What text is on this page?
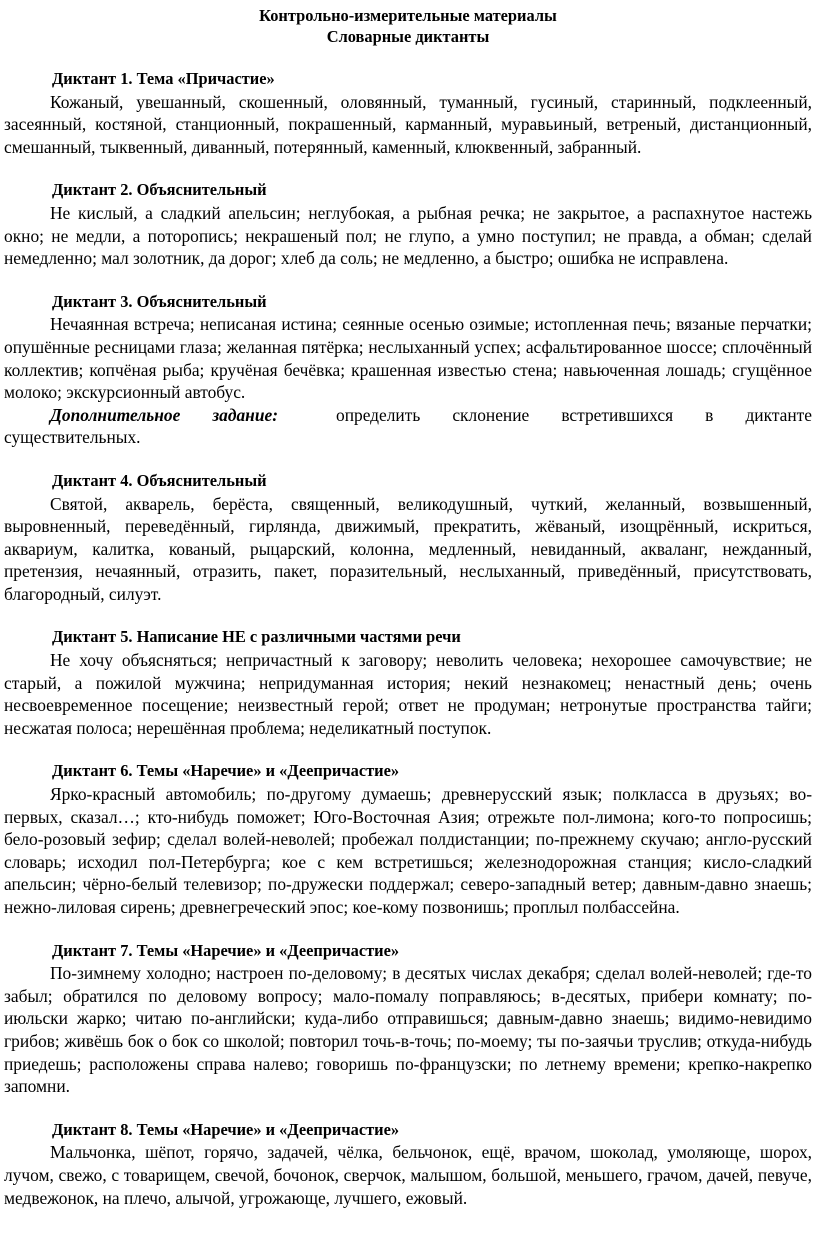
Контрольно-измерительные материалы
Словарные диктанты
Диктант 1. Тема «Причастие»

Кожаный, увешанный, скошенный, оловянный, туманный, гусиный, старинный, подклеенный, засеянный, костяной, станционный, покрашенный, карманный, муравьиный, ветреный, дистанционный, смешанный, тыквенный, диванный, потерянный, каменный, клюквенный, забранный.

Диктант 2. Объяснительный

Не кислый, а сладкий апельсин; неглубокая, а рыбная речка; не закрытое, а распахнутое настежь окно; не медли, а поторопись; некрашеный пол; не глупо, а умно поступил; не правда, а обман; сделай немедленно; мал золотник, да дорог; хлеб да соль; не медленно, а быстро; ошибка не исправлена.

Диктант 3. Объяснительный

Нечаянная встреча; неписаная истина; сеянные осенью озимые; истопленная печь; вязаные перчатки; опушённые ресницами глаза; желанная пятёрка; неслыханный успех; асфальтированное шоссе; сплочённый коллектив; копчёная рыба; кручёная бечёвка; крашенная известью стена; навьюченная лошадь; сгущённое молоко; экскурсионный автобус.

Дополнительное задание:	определить склонение встретившихся в диктанте существительных.

Диктант 4. Объяснительный

Святой, акварель, берёста, священный, великодушный, чуткий, желанный, возвышенный, выровненный, переведённый, гирлянда, движимый, прекратить, жёваный, изощрённый, искриться, аквариум, калитка, кованый, рыцарский, колонна, медленный, невиданный, акваланг, нежданный, претензия, нечаянный, отразить, пакет, поразительный, неслыханный, приведённый, присутствовать, благородный, силуэт.

Диктант 5. Написание НЕ с различными частями речи

Не хочу объясняться; непричастный к заговору; неволить человека; нехорошее самочувствие; не старый, а пожилой мужчина; непридуманная история; некий незнакомец; ненастный день; очень несвоевременное посещение; неизвестный герой; ответ не продуман; нетронутые пространства тайги; несжатая полоса; нерешённая проблема; неделикатный поступок.

Диктант 6. Темы «Наречие» и «Деепричастие»

Ярко-красный автомобиль; по-другому думаешь; древнерусский язык; полкласса в друзьях; во-первых, сказал…; кто-нибудь поможет; Юго-Восточная Азия; отрежьте пол-лимона; кого-то попросишь; бело-розовый зефир; сделал волей-неволей; пробежал полдистанции; по-прежнему скучаю; англо-русский словарь; исходил пол-Петербурга; кое с кем встретишься; железнодорожная станция; кисло-сладкий апельсин; чёрно-белый телевизор; по-дружески поддержал; северо-западный ветер; давным-давно знаешь; нежно-лиловая сирень; древнегреческий эпос; кое-кому позвонишь; проплыл полбассейна.

Диктант 7. Темы «Наречие» и «Деепричастие»

По-зимнему холодно; настроен по-деловому; в десятых числах декабря; сделал волей-неволей; где-то забыл; обратился по деловому вопросу; мало-помалу поправляюсь; в-десятых, прибери комнату; по-июльски жарко; читаю по-английски; куда-либо отправишься; давным-давно знаешь; видимо-невидимо грибов; живёшь бок о бок со школой; повторил точь-в-точь; по-моему; ты по-заячьи труслив; откуда-нибудь приедешь; расположены справа налево; говоришь по-французски; по летнему времени; крепко-накрепко запомни.

Диктант 8. Темы «Наречие» и «Деепричастие»

Мальчонка, шёпот, горячо, задачей, чёлка, бельчонок, ещё, врачом, шоколад, умоляюще, шорох, лучом, свежо, с товарищем, свечой, бочонок, сверчок, малышом, большой, меньшего, грачом, дачей, певуче, медвежонок, на плечо, алычой, угрожающе, лучшего, ежовый.
